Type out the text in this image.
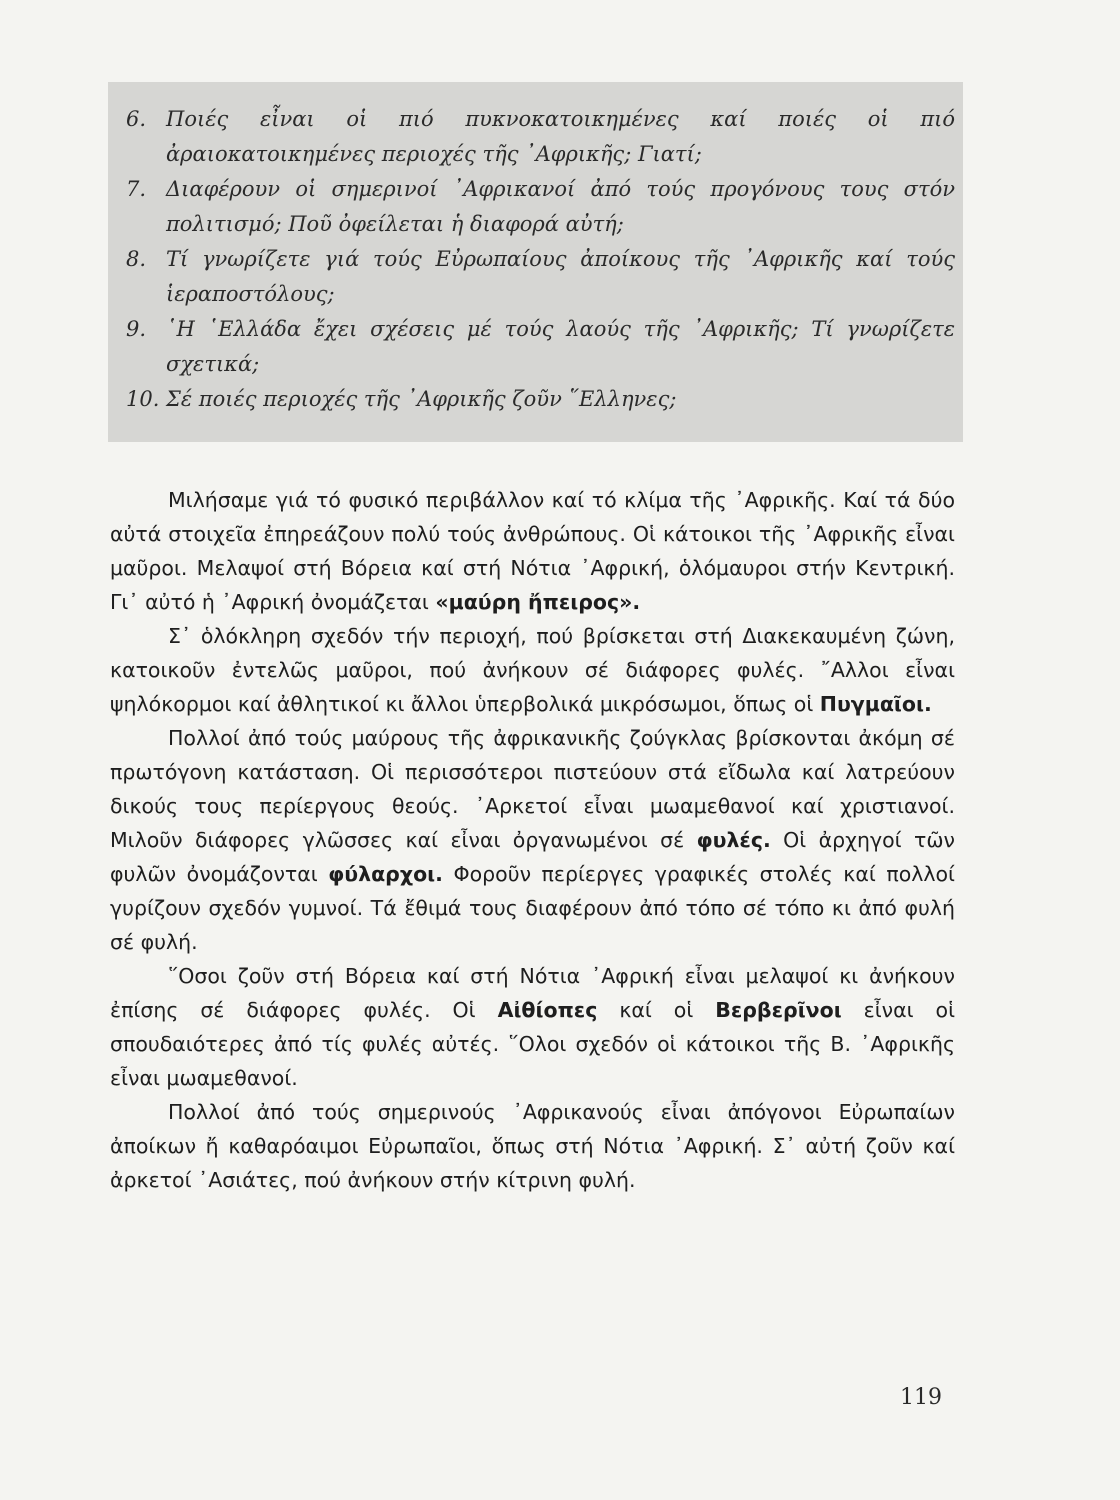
6. Ποιές εἶναι οἱ πιό πυκνοκατοικημένες καί ποιές οἱ πιό ἀραιοκατοικημένες περιοχές τῆς ᾿Αφρικῆς; Γιατί;
7. Διαφέρουν οἱ σημερινοί ᾿Αφρικανοί ἀπό τούς προγόνους τους στόν πολιτισμό; Ποῦ ὀφείλεται ἡ διαφορά αὐτή;
8. Τί γνωρίζετε γιά τούς Εὐρωπαίους ἀποίκους τῆς ᾿Αφρικῆς καί τούς ἱεραποστόλους;
9. ῾Η ῾Ελλάδα ἔχει σχέσεις μέ τούς λαούς τῆς ᾿Αφρικῆς; Τί γνωρίζετε σχετικά;
10. Σέ ποιές περιοχές τῆς ᾿Αφρικῆς ζοῦν ῞Ελληνες;

Μιλήσαμε γιά τό φυσικό περιβάλλον καί τό κλίμα τῆς ᾿Αφρικῆς. Καί τά δύο αὐτά στοιχεῖα ἐπηρεάζουν πολύ τούς ἀνθρώπους. Οἱ κάτοικοι τῆς ᾿Αφρικῆς εἶναι μαῦροι. Μελαψοί στή Βόρεια καί στή Νότια ᾿Αφρική, ὁλόμαυροι στήν Κεντρική. Γι᾿ αὐτό ἡ ᾿Αφρική ὀνομάζεται «μαύρη ἤπειρος».

Σ᾿ ὁλόκληρη σχεδόν τήν περιοχή, πού βρίσκεται στή Διακεκαυμένη ζώνη, κατοικοῦν ἐντελῶς μαῦροι, πού ἀνήκουν σέ διάφορες φυλές. ῎Αλλοι εἶναι ψηλόκορμοι καί ἀθλητικοί κι ἄλλοι ὑπερβολικά μικρόσωμοι, ὅπως οἱ Πυγμαῖοι.

Πολλοί ἀπό τούς μαύρους τῆς ἀφρικανικῆς ζούγκλας βρίσκονται ἀκόμη σέ πρωτόγονη κατάσταση. Οἱ περισσότεροι πιστεύουν στά εἴδωλα καί λατρεύουν δικούς τους περίεργους θεούς. ᾿Αρκετοί εἶναι μωαμεθανοί καί χριστιανοί. Μιλοῦν διάφορες γλῶσσες καί εἶναι ὀργανωμένοι σέ φυλές. Οἱ ἀρχηγοί τῶν φυλῶν ὀνομάζονται φύλαρχοι. Φοροῦν περίεργες γραφικές στολές καί πολλοί γυρίζουν σχεδόν γυμνοί. Τά ἔθιμά τους διαφέρουν ἀπό τόπο σέ τόπο κι ἀπό φυλή σέ φυλή.

῞Οσοι ζοῦν στή Βόρεια καί στή Νότια ᾿Αφρική εἶναι μελαψοί κι ἀνήκουν ἐπίσης σέ διάφορες φυλές. Οἱ Αἰθίοπες καί οἱ Βερβερῖνοι εἶναι οἱ σπουδαιότερες ἀπό τίς φυλές αὐτές. ῞Ολοι σχεδόν οἱ κάτοικοι τῆς Β. ᾿Αφρικῆς εἶναι μωαμεθανοί.

Πολλοί ἀπό τούς σημερινούς ᾿Αφρικανούς εἶναι ἀπόγονοι Εὐρωπαίων ἀποίκων ἤ καθαρόαιμοι Εὐρωπαῖοι, ὅπως στή Νότια ᾿Αφρική. Σ᾿ αὐτή ζοῦν καί ἀρκετοί ᾿Ασιάτες, πού ἀνήκουν στήν κίτρινη φυλή.

119
